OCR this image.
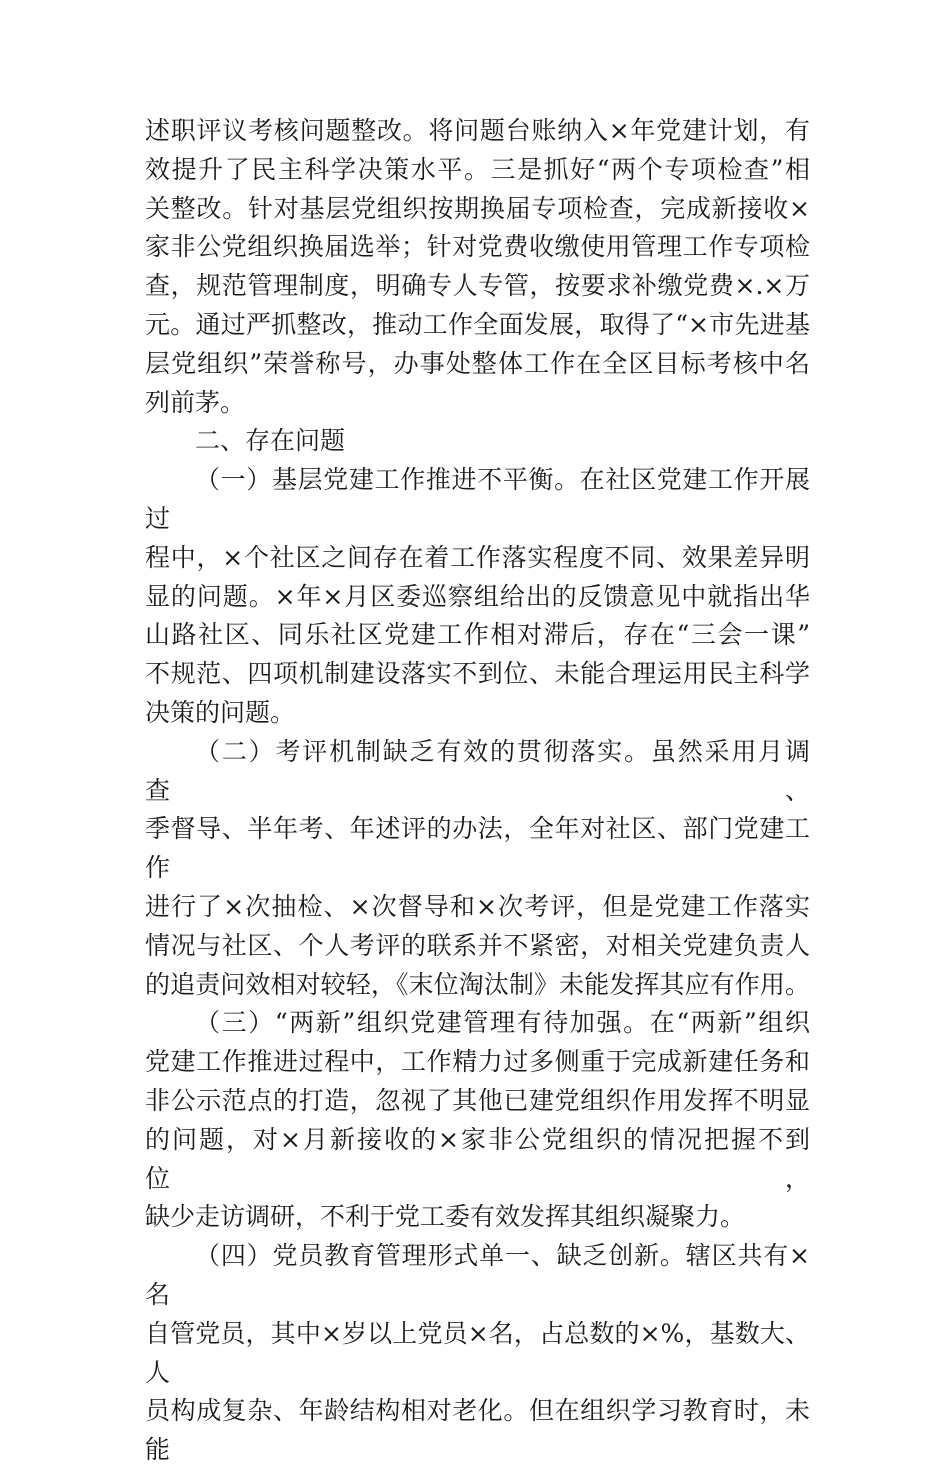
述职评议考核问题整改。将问题台账纳入×年党建计划，有
效提升了民主科学决策水平。三是抓好“两个专项检查”相
关整改。针对基层党组织按期换届专项检查，完成新接收×
家非公党组织换届选举；针对党费收缴使用管理工作专项检
查，规范管理制度，明确专人专管，按要求补缴党费×.×万
元。通过严抓整改，推动工作全面发展，取得了“×市先进基
层党组织”荣誉称号，办事处整体工作在全区目标考核中名
列前茅。
二、存在问题
（一）基层党建工作推进不平衡。在社区党建工作开展过
程中，×个社区之间存在着工作落实程度不同、效果差异明
显的问题。×年×月区委巡察组给出的反馈意见中就指出华
山路社区、同乐社区党建工作相对滞后，存在“三会一课”
不规范、四项机制建设落实不到位、未能合理运用民主科学
决策的问题。
（二）考评机制缺乏有效的贯彻落实。虽然采用月调查、
季督导、半年考、年述评的办法，全年对社区、部门党建工作
进行了×次抽检、×次督导和×次考评，但是党建工作落实
情况与社区、个人考评的联系并不紧密，对相关党建负责人
的追责问效相对较轻，《末位淘汰制》未能发挥其应有作用。
（三）“两新”组织党建管理有待加强。在“两新”组织
党建工作推进过程中，工作精力过多侧重于完成新建任务和
非公示范点的打造，忽视了其他已建党组织作用发挥不明显
的问题，对×月新接收的×家非公党组织的情况把握不到位，
缺少走访调研，不利于党工委有效发挥其组织凝聚力。
（四）党员教育管理形式单一、缺乏创新。辖区共有×名
自管党员，其中×岁以上党员×名，占总数的×%，基数大、人
员构成复杂、年龄结构相对老化。但在组织学习教育时，未能
